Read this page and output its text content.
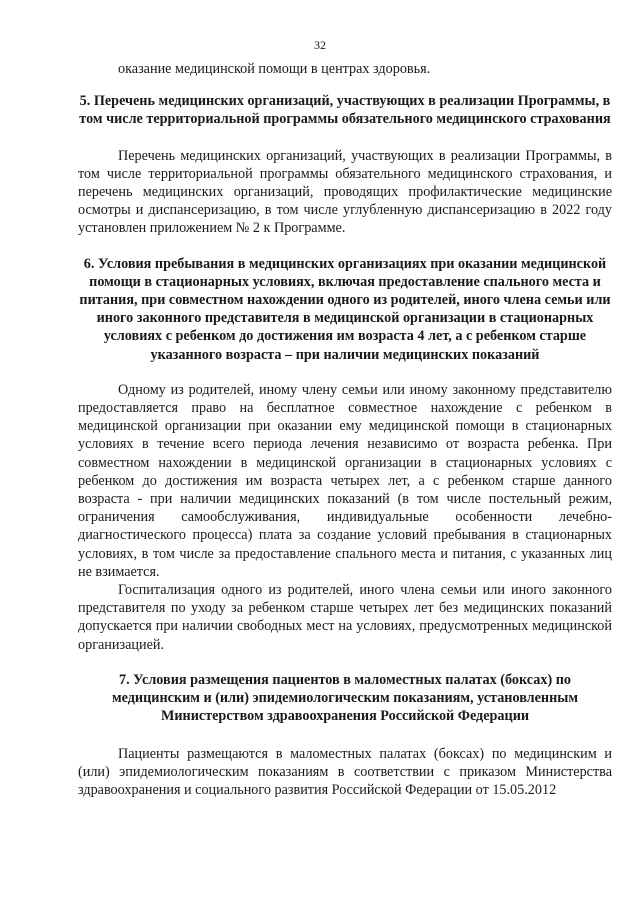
32

оказание медицинской помощи в центрах здоровья.

5. Перечень медицинских организаций, участвующих в реализации Программы, в том числе территориальной программы обязательного медицинского страхования

Перечень медицинских организаций, участвующих в реализации Программы, в том числе территориальной программы обязательного медицинского страхования, и перечень медицинских организаций, проводящих профилактические медицинские осмотры и диспансеризацию, в том числе углубленную диспансеризацию в 2022 году установлен приложением № 2 к Программе.

6. Условия пребывания в медицинских организациях при оказании медицинской помощи в стационарных условиях, включая предоставление спального места и питания, при совместном нахождении одного из родителей, иного члена семьи или иного законного представителя в медицинской организации в стационарных условиях с ребенком до достижения им возраста 4 лет, а с ребенком старше указанного возраста – при наличии медицинских показаний

Одному из родителей, иному члену семьи или иному законному представителю предоставляется право на бесплатное совместное нахождение с ребенком в медицинской организации при оказании ему медицинской помощи в стационарных условиях в течение всего периода лечения независимо от возраста ребенка. При совместном нахождении в медицинской организации в стационарных условиях с ребенком до достижения им возраста четырех лет, а с ребенком старше данного возраста - при наличии медицинских показаний (в том числе постельный режим, ограничения самообслуживания, индивидуальные особенности лечебно-диагностического процесса) плата за создание условий пребывания в стационарных условиях, в том числе за предоставление спального места и питания, с указанных лиц не взимается.

Госпитализация одного из родителей, иного члена семьи или иного законного представителя по уходу за ребенком старше четырех лет без медицинских показаний допускается при наличии свободных мест на условиях, предусмотренных медицинской организацией.

7. Условия размещения пациентов в маломестных палатах (боксах) по медицинским и (или) эпидемиологическим показаниям, установленным Министерством здравоохранения Российской Федерации

Пациенты размещаются в маломестных палатах (боксах) по медицинским и (или) эпидемиологическим показаниям в соответствии с приказом Министерства здравоохранения и социального развития Российской Федерации от 15.05.2012
